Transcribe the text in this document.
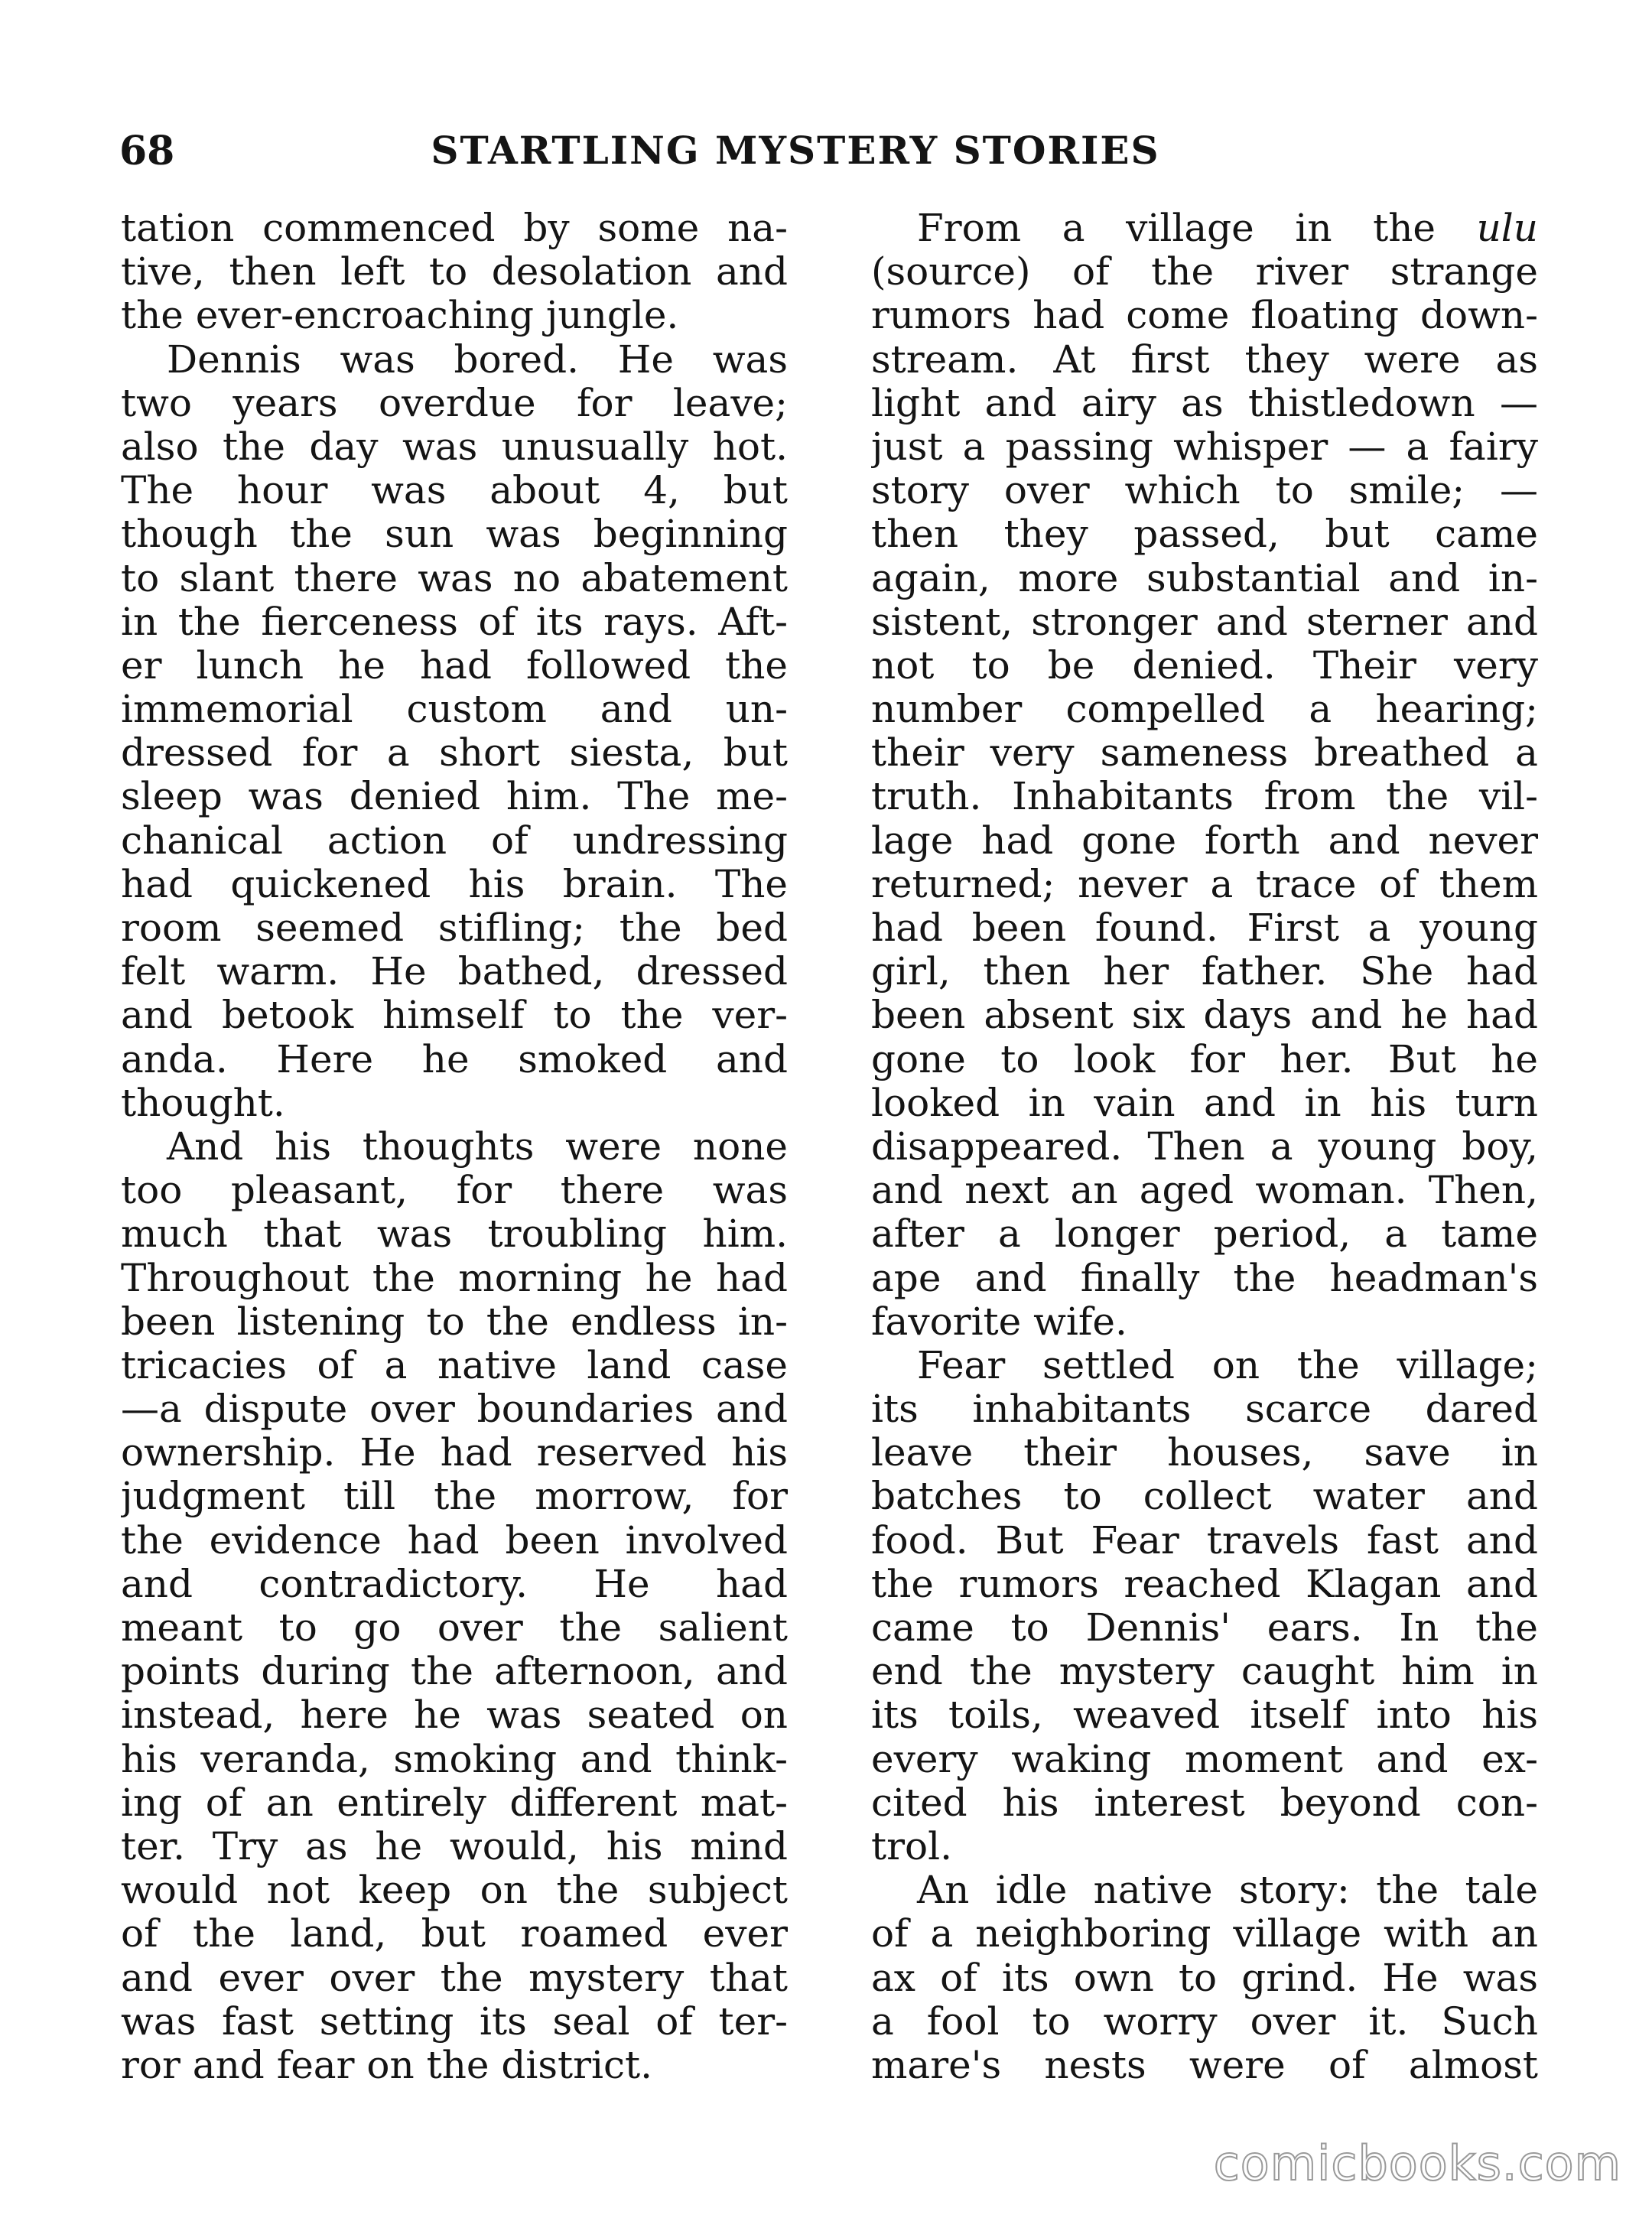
68	STARTLING MYSTERY STORIES
tation commenced by some na-
tive, then left to desolation and
the ever-encroaching jungle.
Dennis was bored. He was
two years overdue for leave;
also the day was unusually hot.
The hour was about 4, but
though the sun was beginning
to slant there was no abatement
in the fierceness of its rays. Aft-
er lunch he had followed the
immemorial custom and un-
dressed for a short siesta, but
sleep was denied him. The me-
chanical action of undressing
had quickened his brain. The
room seemed stifling; the bed
felt warm. He bathed, dressed
and betook himself to the ver-
anda. Here he smoked and
thought.
And his thoughts were none
too pleasant, for there was
much that was troubling him.
Throughout the morning he had
been listening to the endless in-
tricacies of a native land case
—a dispute over boundaries and
ownership. He had reserved his
judgment till the morrow, for
the evidence had been involved
and contradictory. He had
meant to go over the salient
points during the afternoon, and
instead, here he was seated on
his veranda, smoking and think-
ing of an entirely different mat-
ter. Try as he would, his mind
would not keep on the subject
of the land, but roamed ever
and ever over the mystery that
was fast setting its seal of ter-
ror and fear on the district.
From a village in the ulu
(source) of the river strange
rumors had come floating down-
stream. At first they were as
light and airy as thistledown —
just a passing whisper — a fairy
story over which to smile; —
then they passed, but came
again, more substantial and in-
sistent, stronger and sterner and
not to be denied. Their very
number compelled a hearing;
their very sameness breathed a
truth. Inhabitants from the vil-
lage had gone forth and never
returned; never a trace of them
had been found. First a young
girl, then her father. She had
been absent six days and he had
gone to look for her. But he
looked in vain and in his turn
disappeared. Then a young boy,
and next an aged woman. Then,
after a longer period, a tame
ape and finally the headman's
favorite wife.
Fear settled on the village;
its inhabitants scarce dared
leave their houses, save in
batches to collect water and
food. But Fear travels fast and
the rumors reached Klagan and
came to Dennis' ears. In the
end the mystery caught him in
its toils, weaved itself into his
every waking moment and ex-
cited his interest beyond con-
trol.
An idle native story: the tale
of a neighboring village with an
ax of its own to grind. He was
a fool to worry over it. Such
mare's nests were of almost
comicbooks.com
